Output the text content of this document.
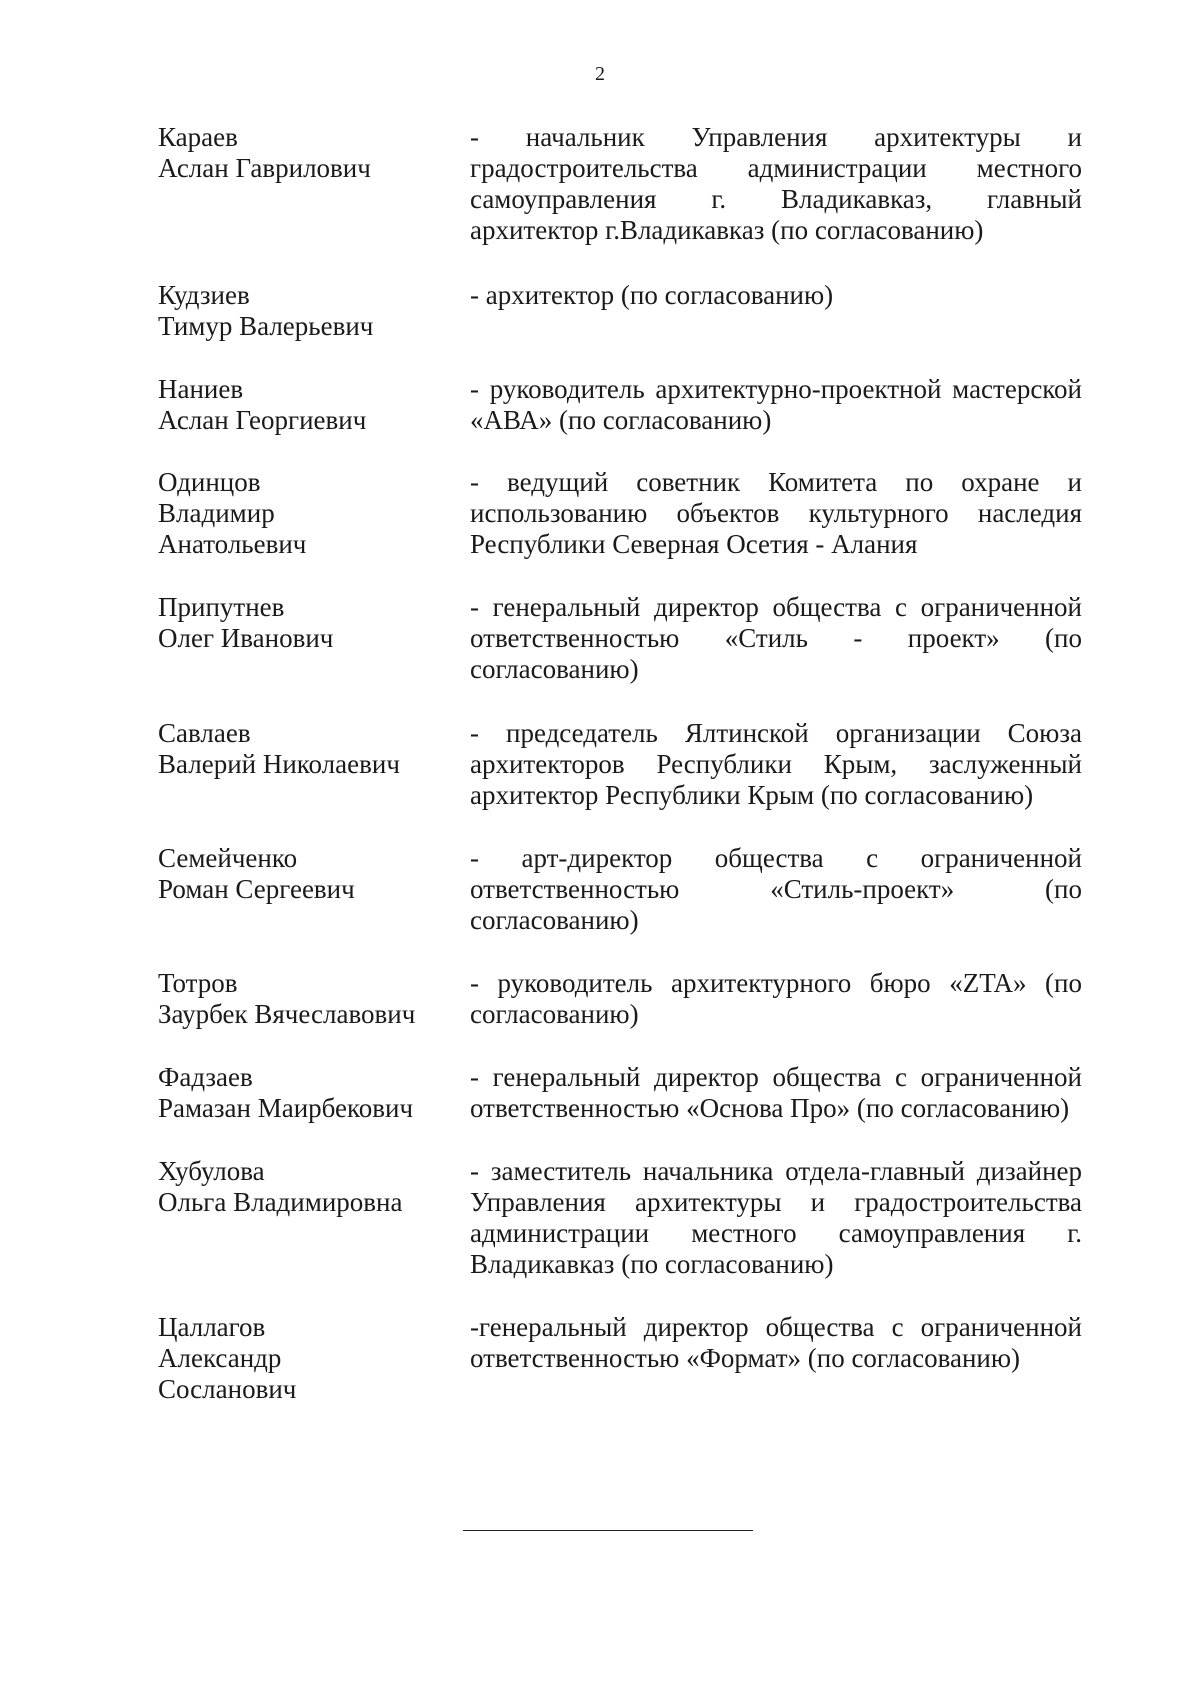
2
Караев
Аслан Гаврилович
- начальник Управления архитектуры и
градостроительства администрации местного
самоуправления г. Владикавказ, главный
архитектор г.Владикавказ (по согласованию)
Кудзиев
Тимур Валерьевич
- архитектор (по согласованию)
Наниев
Аслан Георгиевич
- руководитель архитектурно-проектной мастерской
«АВА» (по согласованию)
Одинцов
Владимир
Анатольевич
- ведущий советник Комитета по охране и
использованию объектов культурного наследия
Республики Северная Осетия - Алания
Припутнев
Олег Иванович
- генеральный директор общества с ограниченной
ответственностью «Стиль - проект» (по
согласованию)
Савлаев
Валерий Николаевич
- председатель Ялтинской организации Союза
архитекторов Республики Крым, заслуженный
архитектор Республики Крым (по согласованию)
Семейченко
Роман Сергеевич
- арт-директор общества с ограниченной
ответственностью «Стиль-проект» (по
согласованию)
Тотров
Заурбек Вячеславович
- руководитель архитектурного бюро «ZTA» (по
согласованию)
Фадзаев
Рамазан Маирбекович
- генеральный директор общества с ограниченной
ответственностью «Основа Про» (по согласованию)
Хубулова
Ольга Владимировна
- заместитель начальника отдела-главный дизайнер
Управления архитектуры и градостроительства
администрации местного самоуправления г.
Владикавказ (по согласованию)
Цаллагов
Александр
Сосланович
-генеральный директор общества с ограниченной
ответственностью «Формат» (по согласованию)
